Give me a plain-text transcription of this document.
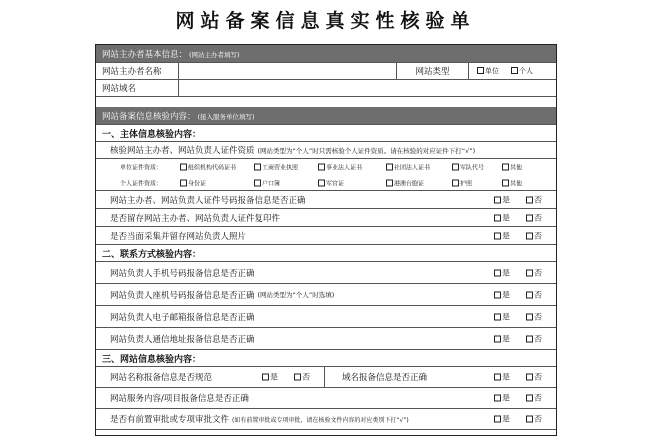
网站备案信息真实性核验单
网站主办者基本信息： (网站主办者填写)
网站主办者名称	网站类型	单位	个人
网站域名
网站备案信息核验内容： (接入服务单位填写)
一、主体信息核验内容：
核验网站主办者、网站负责人证件资质 (网站类型为“个人”时只需核验个人证件资质。请在核验的对应证件下打“√”)
单位证件资质：	组织机构代码证书	工商营业执照	事业法人证书	社团法人证书	军队代号	其他
个人证件资质：	身份证	户口簿	军官证	港澳台胞证	护照	其他
网站主办者、网站负责人证件号码报备信息是否正确	是	否
是否留存网站主办者、网站负责人证件复印件	是	否
是否当面采集并留存网站负责人照片	是	否
二、联系方式核验内容：
网站负责人手机号码报备信息是否正确	是	否
网站负责人座机号码报备信息是否正确 (网站类型为“个人”时选填)	是	否
网站负责人电子邮箱报备信息是否正确	是	否
网站负责人通信地址报备信息是否正确	是	否
三、网站信息核验内容：
网站名称报备信息是否规范	是	否	域名报备信息是否正确	是	否
网站服务内容/项目报备信息是否正确	是	否
是否有前置审批或专项审批文件 (如有前置审批或专项审批，请在核验文件内容的对应类别下打“√”)	是	否
